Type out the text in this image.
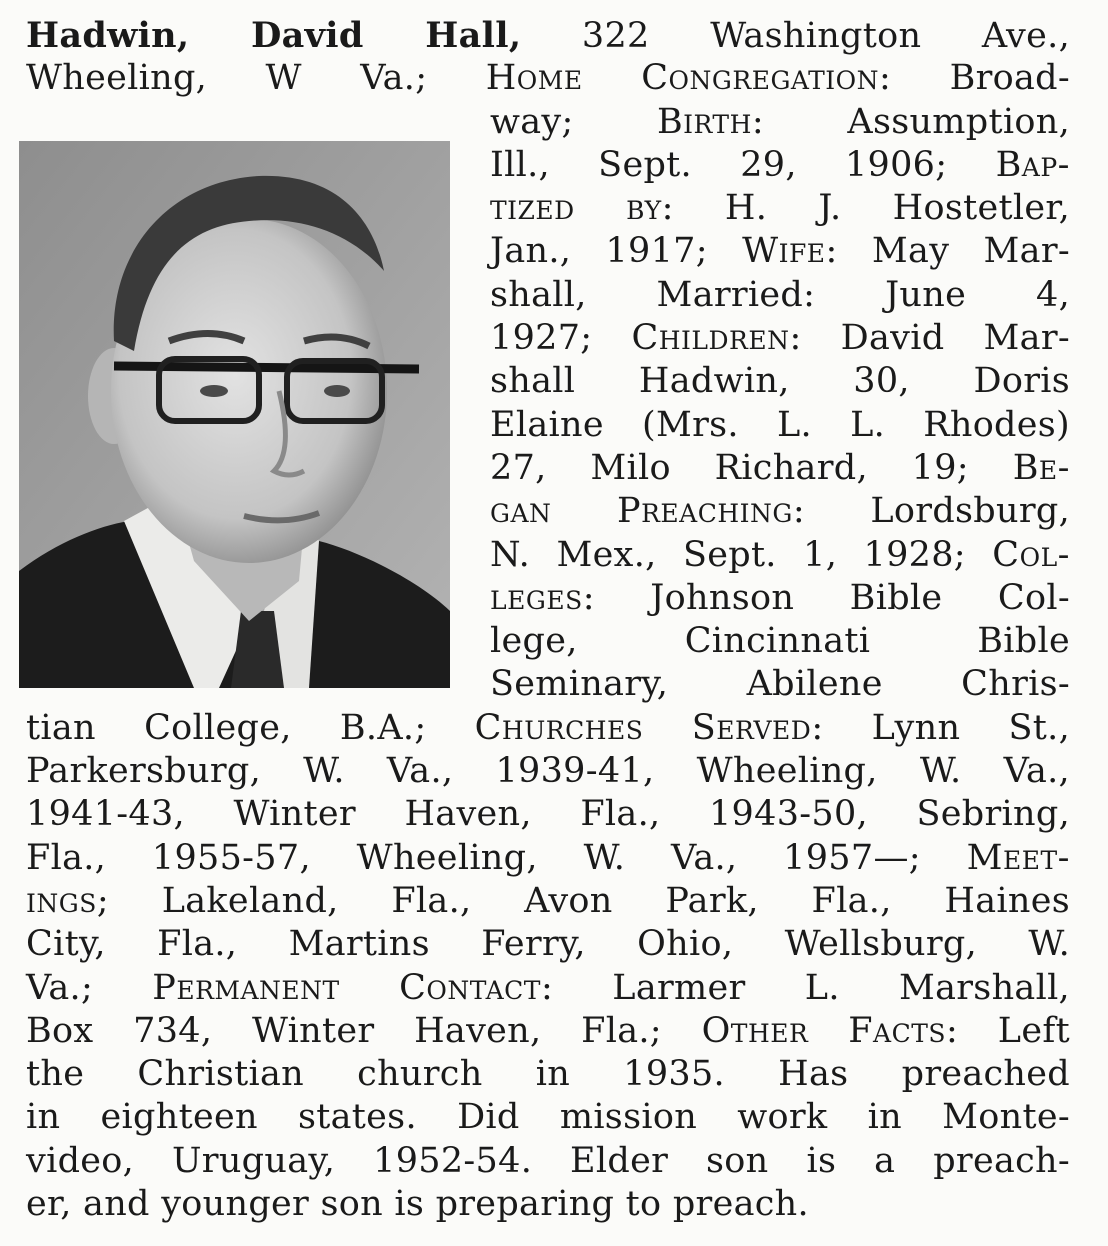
Hadwin, David Hall, 322 Washington Ave.,
Wheeling, W Va.; Home Congregation: Broad-
way; Birth: Assumption,
Ill., Sept. 29, 1906; Bap-
tized by: H. J. Hostetler,
Jan., 1917; Wife: May Mar-
shall, Married: June 4,
1927; Children: David Mar-
shall Hadwin, 30, Doris
Elaine (Mrs. L. L. Rhodes)
27, Milo Richard, 19; Be-
gan Preaching: Lordsburg,
N. Mex., Sept. 1, 1928; Col-
leges: Johnson Bible Col-
lege, Cincinnati Bible
Seminary, Abilene Chris-
tian College, B.A.; Churches Served: Lynn St.,
Parkersburg, W. Va., 1939-41, Wheeling, W. Va.,
1941-43, Winter Haven, Fla., 1943-50, Sebring,
Fla., 1955-57, Wheeling, W. Va., 1957—; Meet-
ings; Lakeland, Fla., Avon Park, Fla., Haines
City, Fla., Martins Ferry, Ohio, Wellsburg, W.
Va.; Permanent Contact: Larmer L. Marshall,
Box 734, Winter Haven, Fla.; Other Facts: Left
the Christian church in 1935. Has preached
in eighteen states. Did mission work in Monte-
video, Uruguay, 1952-54. Elder son is a preach-
er, and younger son is preparing to preach.
